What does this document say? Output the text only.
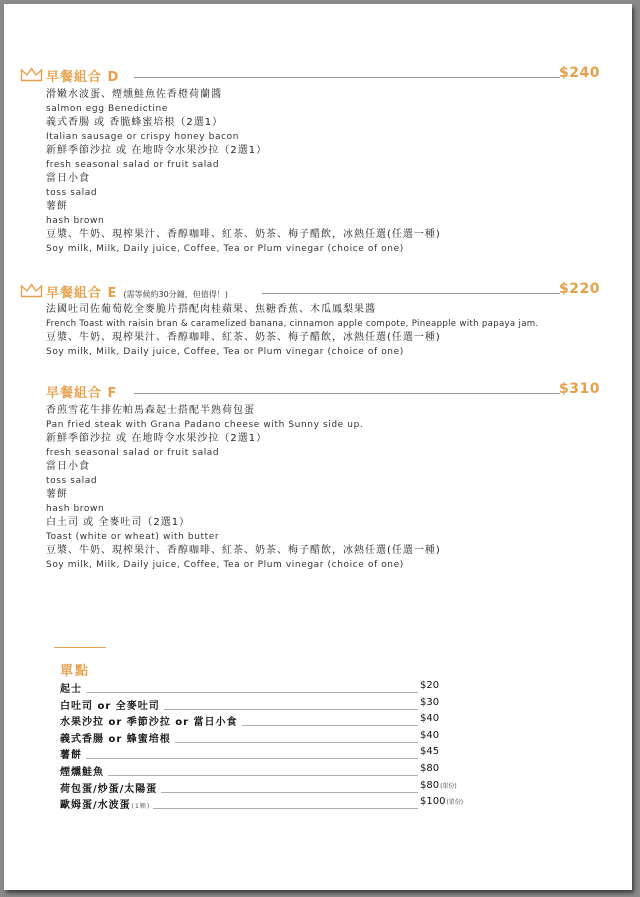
早餐組合 D	$240
滑嫩水波蛋、煙燻鮭魚佐香橙荷蘭醬
salmon egg Benedictine
義式香腸 或 香脆蜂蜜培根（2選1）
Italian sausage or crispy honey bacon
新鮮季節沙拉 或 在地時令水果沙拉（2選1）
fresh seasonal salad or fruit salad
當日小食
toss salad
薯餅
hash brown
豆漿、牛奶、現榨果汁、香醇咖啡、紅茶、奶茶、梅子醋飲，冰熱任選(任選一種)
Soy milk, Milk, Daily juice, Coffee, Tea or Plum vinegar (choice of one)
早餐組合 E (需等候約30分鐘，但值得！)	$220
法國吐司佐葡萄乾全麥脆片搭配肉桂蘋果、焦糖香蕉、木瓜鳳梨果醬
French Toast with raisin bran & caramelized banana, cinnamon apple compote, Pineapple with papaya jam.
豆漿、牛奶、現榨果汁、香醇咖啡、紅茶、奶茶、梅子醋飲，冰熱任選(任選一種)
Soy milk, Milk, Daily juice, Coffee, Tea or Plum vinegar (choice of one)
早餐組合 F	$310
香煎雪花牛排佐帕馬森起士搭配半熟荷包蛋
Pan fried steak with Grana Padano cheese with Sunny side up.
新鮮季節沙拉 或 在地時令水果沙拉（2選1）
fresh seasonal salad or fruit salad
當日小食
toss salad
薯餅
hash brown
白土司 或 全麥吐司（2選1）
Toast (white or wheat) with butter
豆漿、牛奶、現榨果汁、香醇咖啡、紅茶、奶茶、梅子醋飲，冰熱任選(任選一種)
Soy milk, Milk, Daily juice, Coffee, Tea or Plum vinegar (choice of one)
單點
起士	$20
白吐司 or 全麥吐司	$30
水果沙拉 or 季節沙拉 or 當日小食	$40
義式香腸 or 蜂蜜培根	$40
薯餅	$45
煙燻鮭魚	$80
荷包蛋/炒蛋/太陽蛋	$80(單份)
歐姆蛋/水波蛋(1顆)	$100(單份)
